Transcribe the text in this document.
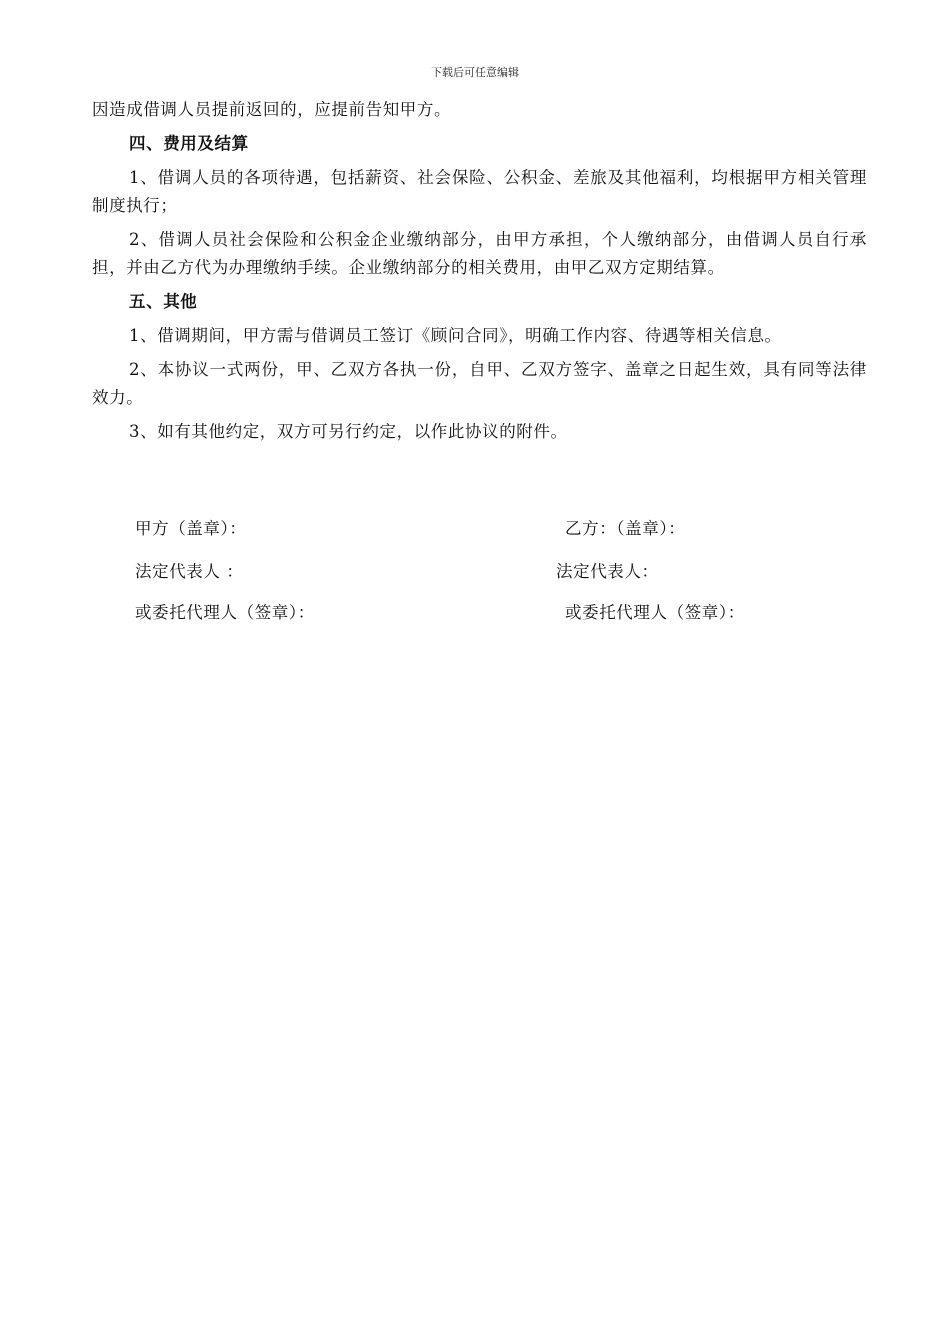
下载后可任意编辑

因造成借调人员提前返回的，应提前告知甲方。

四、费用及结算

1、借调人员的各项待遇，包括薪资、社会保险、公积金、差旅及其他福利，均根据甲方相关管理制度执行；

2、借调人员社会保险和公积金企业缴纳部分，由甲方承担，个人缴纳部分，由借调人员自行承担，并由乙方代为办理缴纳手续。企业缴纳部分的相关费用，由甲乙双方定期结算。

五、其他

1、借调期间，甲方需与借调员工签订《顾问合同》，明确工作内容、待遇等相关信息。

2、本协议一式两份，甲、乙双方各执一份，自甲、乙双方签字、盖章之日起生效，具有同等法律效力。

3、如有其他约定，双方可另行约定，以作此协议的附件。

甲方（盖章）：	乙方：（盖章）：
法定代表人 ：	法定代表人：
或委托代理人（签章）：	或委托代理人（签章）：
